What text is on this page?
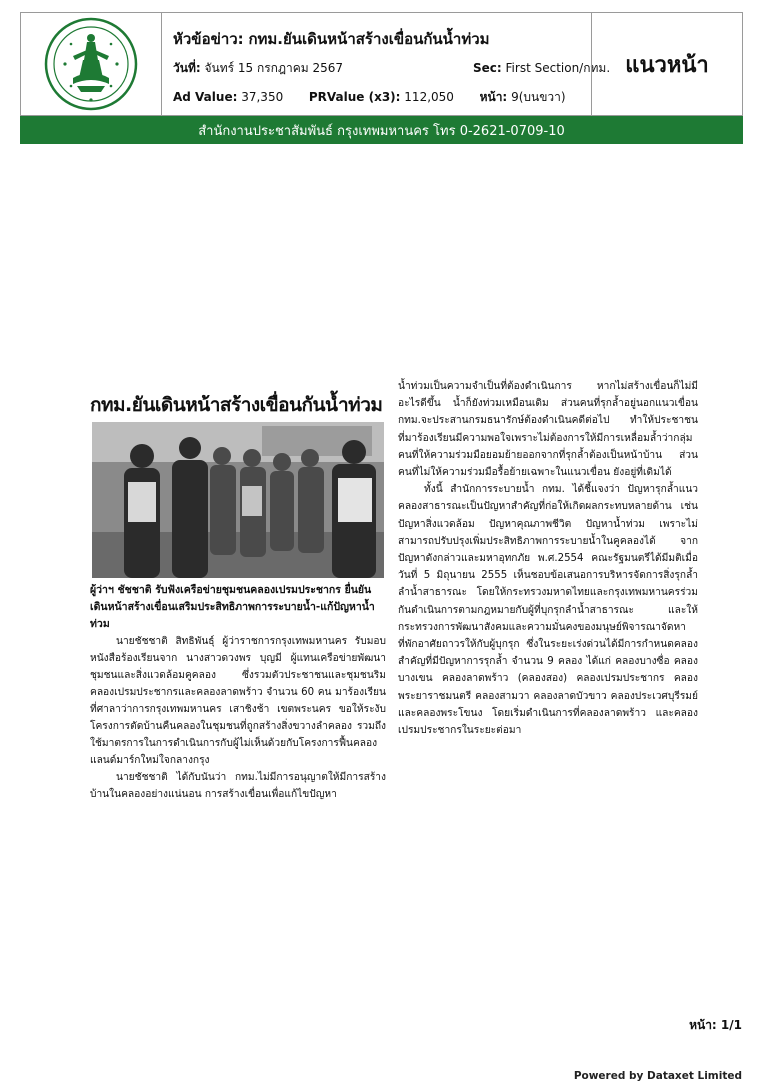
หัวข้อข่าว: กทม.ยันเดินหน้าสร้างเขื่อนกันน้ำท่วม
วันที่: จันทร์ 15 กรกฎาคม 2567	Sec: First Section/กทม.
Ad Value: 37,350 PRValue (x3): 112,050 หน้า: 9(บนขวา)
แนวหน้า
สำนักงานประชาสัมพันธ์ กรุงเทพมหานคร โทร 0-2621-0709-10
กทม.ยันเดินหน้าสร้างเขื่อนกันน้ำท่วม
ผู้ว่าฯ ชัชชาติ รับฟังเครือข่ายชุมชนคลองเปรมประชากร ยื่นยันเดินหน้าสร้างเขื่อนเสริมประสิทธิภาพการระบายน้ำ-แก้ปัญหาน้ำท่วม

นายชัชชาติ สิทธิพันธุ์ ผู้ว่าราชการกรุงเทพมหานคร รับมอบหนังสือร้องเรียนจาก นางสาวดวงพร บุญมี ผู้แทนเครือข่ายพัฒนาชุมชนและสิ่งแวดล้อมคูคลอง ซึ่งรวมตัวประชาชนและชุมชนริมคลองเปรมประชากรและคลองลาดพร้าว จำนวน 60 คน มาร้องเรียนที่ศาลาว่าการกรุงเทพมหานคร เสาชิงช้า เขตพระนคร ขอให้ระงับโครงการตัดบ้านคืนคลองในชุมชนที่ถูกสร้างสิ่งขวางลำคลอง รวมถึงใช้มาตรการในการดำเนินการกับผู้ไม่เห็นด้วยกับโครงการฟื้นคลองแลนด์มาร์กใหม่ใจกลางกรุง

นายชัชชาติ ได้กับนันว่า กทม.ไม่มีการอนุญาตให้มีการสร้างบ้านในคลองอย่างแน่นอน การสร้างเขื่อนเพื่อแก้ไขปัญหา

น้ำท่วมเป็นความจำเป็นที่ต้องดำเนินการ หากไม่สร้างเขื่อนก็ไม่มีอะไรดีขึ้น น้ำก็ยังท่วมเหมือนเดิม ส่วนคนที่รุกล้ำอยู่นอกแนวเขื่อน กทม.จะประสานกรมธนารักษ์ต้องดำเนินคดีต่อไป ทำให้ประชาชนที่มาร้องเรียนมีความพอใจเพราะไม่ต้องการให้มีการเหลื่อมล้ำว่ากลุ่มคนที่ให้ความร่วมมือยอมย้ายออกจากที่รุกล้ำต้องเป็นหน้าบ้าน ส่วนคนที่ไม่ให้ความร่วมมือรื้อย้ายเฉพาะในแนวเขื่อน ยังอยู่ที่เดิมได้

ทั้งนี้ สำนักการระบายน้ำ กทม. ได้ชี้แจงว่า ปัญหารุกล้ำแนวคลองสาธารณะเป็นปัญหาสำคัญที่ก่อให้เกิดผลกระทบหลายด้าน เช่น ปัญหาสิ่งแวดล้อม ปัญหาคุณภาพชีวิต ปัญหาน้ำท่วม เพราะไม่สามารถปรับปรุงเพิ่มประสิทธิภาพการระบายน้ำในคูคลองได้ จากปัญหาดังกล่าวและมหาอุทกภัย พ.ศ.2554 คณะรัฐมนตรีได้มีมติเมื่อวันที่ 5 มิถุนายน 2555 เห็นชอบข้อเสนอการบริหารจัดการสิ่งรุกล้ำลำน้ำสาธารณะ โดยให้กระทรวงมหาดไทยและกรุงเทพมหานครร่วมกันดำเนินการตามกฎหมายกับผู้ที่บุกรุกลำน้ำสาธารณะ และให้กระทรวงการพัฒนาสังคมและความมั่นคงของมนุษย์พิจารณาจัดหาที่พักอาศัยถาวรให้กับผู้บุกรุก ซึ่งในระยะเร่งด่วนได้มีการกำหนดคลองสำคัญที่มีปัญหาการรุกล้ำ จำนวน 9 คลอง ได้แก่ คลองบางซื่อ คลองบางเขน คลองลาดพร้าว (คลองสอง) คลองเปรมประชากร คลองพระยาราชมนตรี คลองสามวา คลองลาดบัวขาว คลองประเวศบุรีรมย์ และคลองพระโขนง โดยเริ่มดำเนินการที่คลองลาดพร้าว และคลองเปรมประชากรในระยะต่อมา

หน้า: 1/1
Powered by Dataxet Limited
